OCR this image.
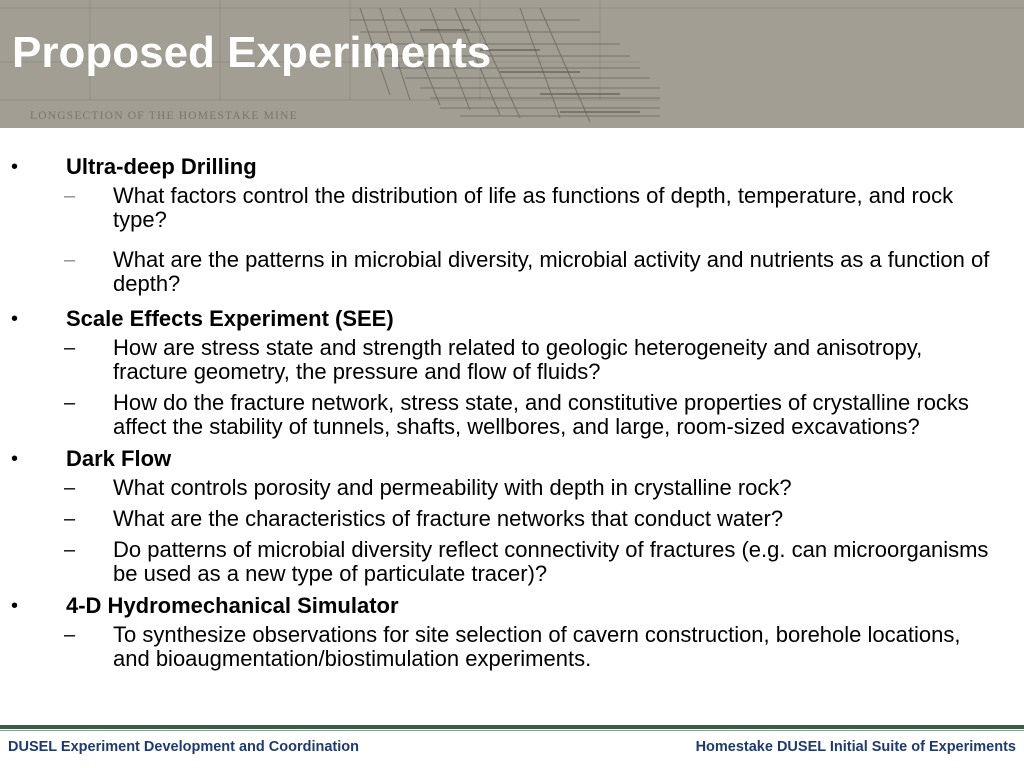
Proposed Experiments
LONGSECTION OF THE HOMESTAKE MINE
• Ultra-deep Drilling
– What factors control the distribution of life as functions of depth, temperature, and rock type?
– What are the patterns in microbial diversity, microbial activity and nutrients as a function of depth?
• Scale Effects Experiment (SEE)
– How are stress state and strength related to geologic heterogeneity and anisotropy, fracture geometry, the pressure and flow of fluids?
– How do the fracture network, stress state, and constitutive properties of crystalline rocks affect the stability of tunnels, shafts, wellbores, and large, room-sized excavations?
• Dark Flow
– What controls porosity and permeability with depth in crystalline rock?
– What are the characteristics of fracture networks that conduct water?
– Do patterns of microbial diversity reflect connectivity of fractures (e.g. can microorganisms be used as a new type of particulate tracer)?
• 4-D Hydromechanical Simulator
– To synthesize observations for site selection of cavern construction, borehole locations, and bioaugmentation/biostimulation experiments.
DUSEL Experiment Development and Coordination	Homestake DUSEL Initial Suite of Experiments
